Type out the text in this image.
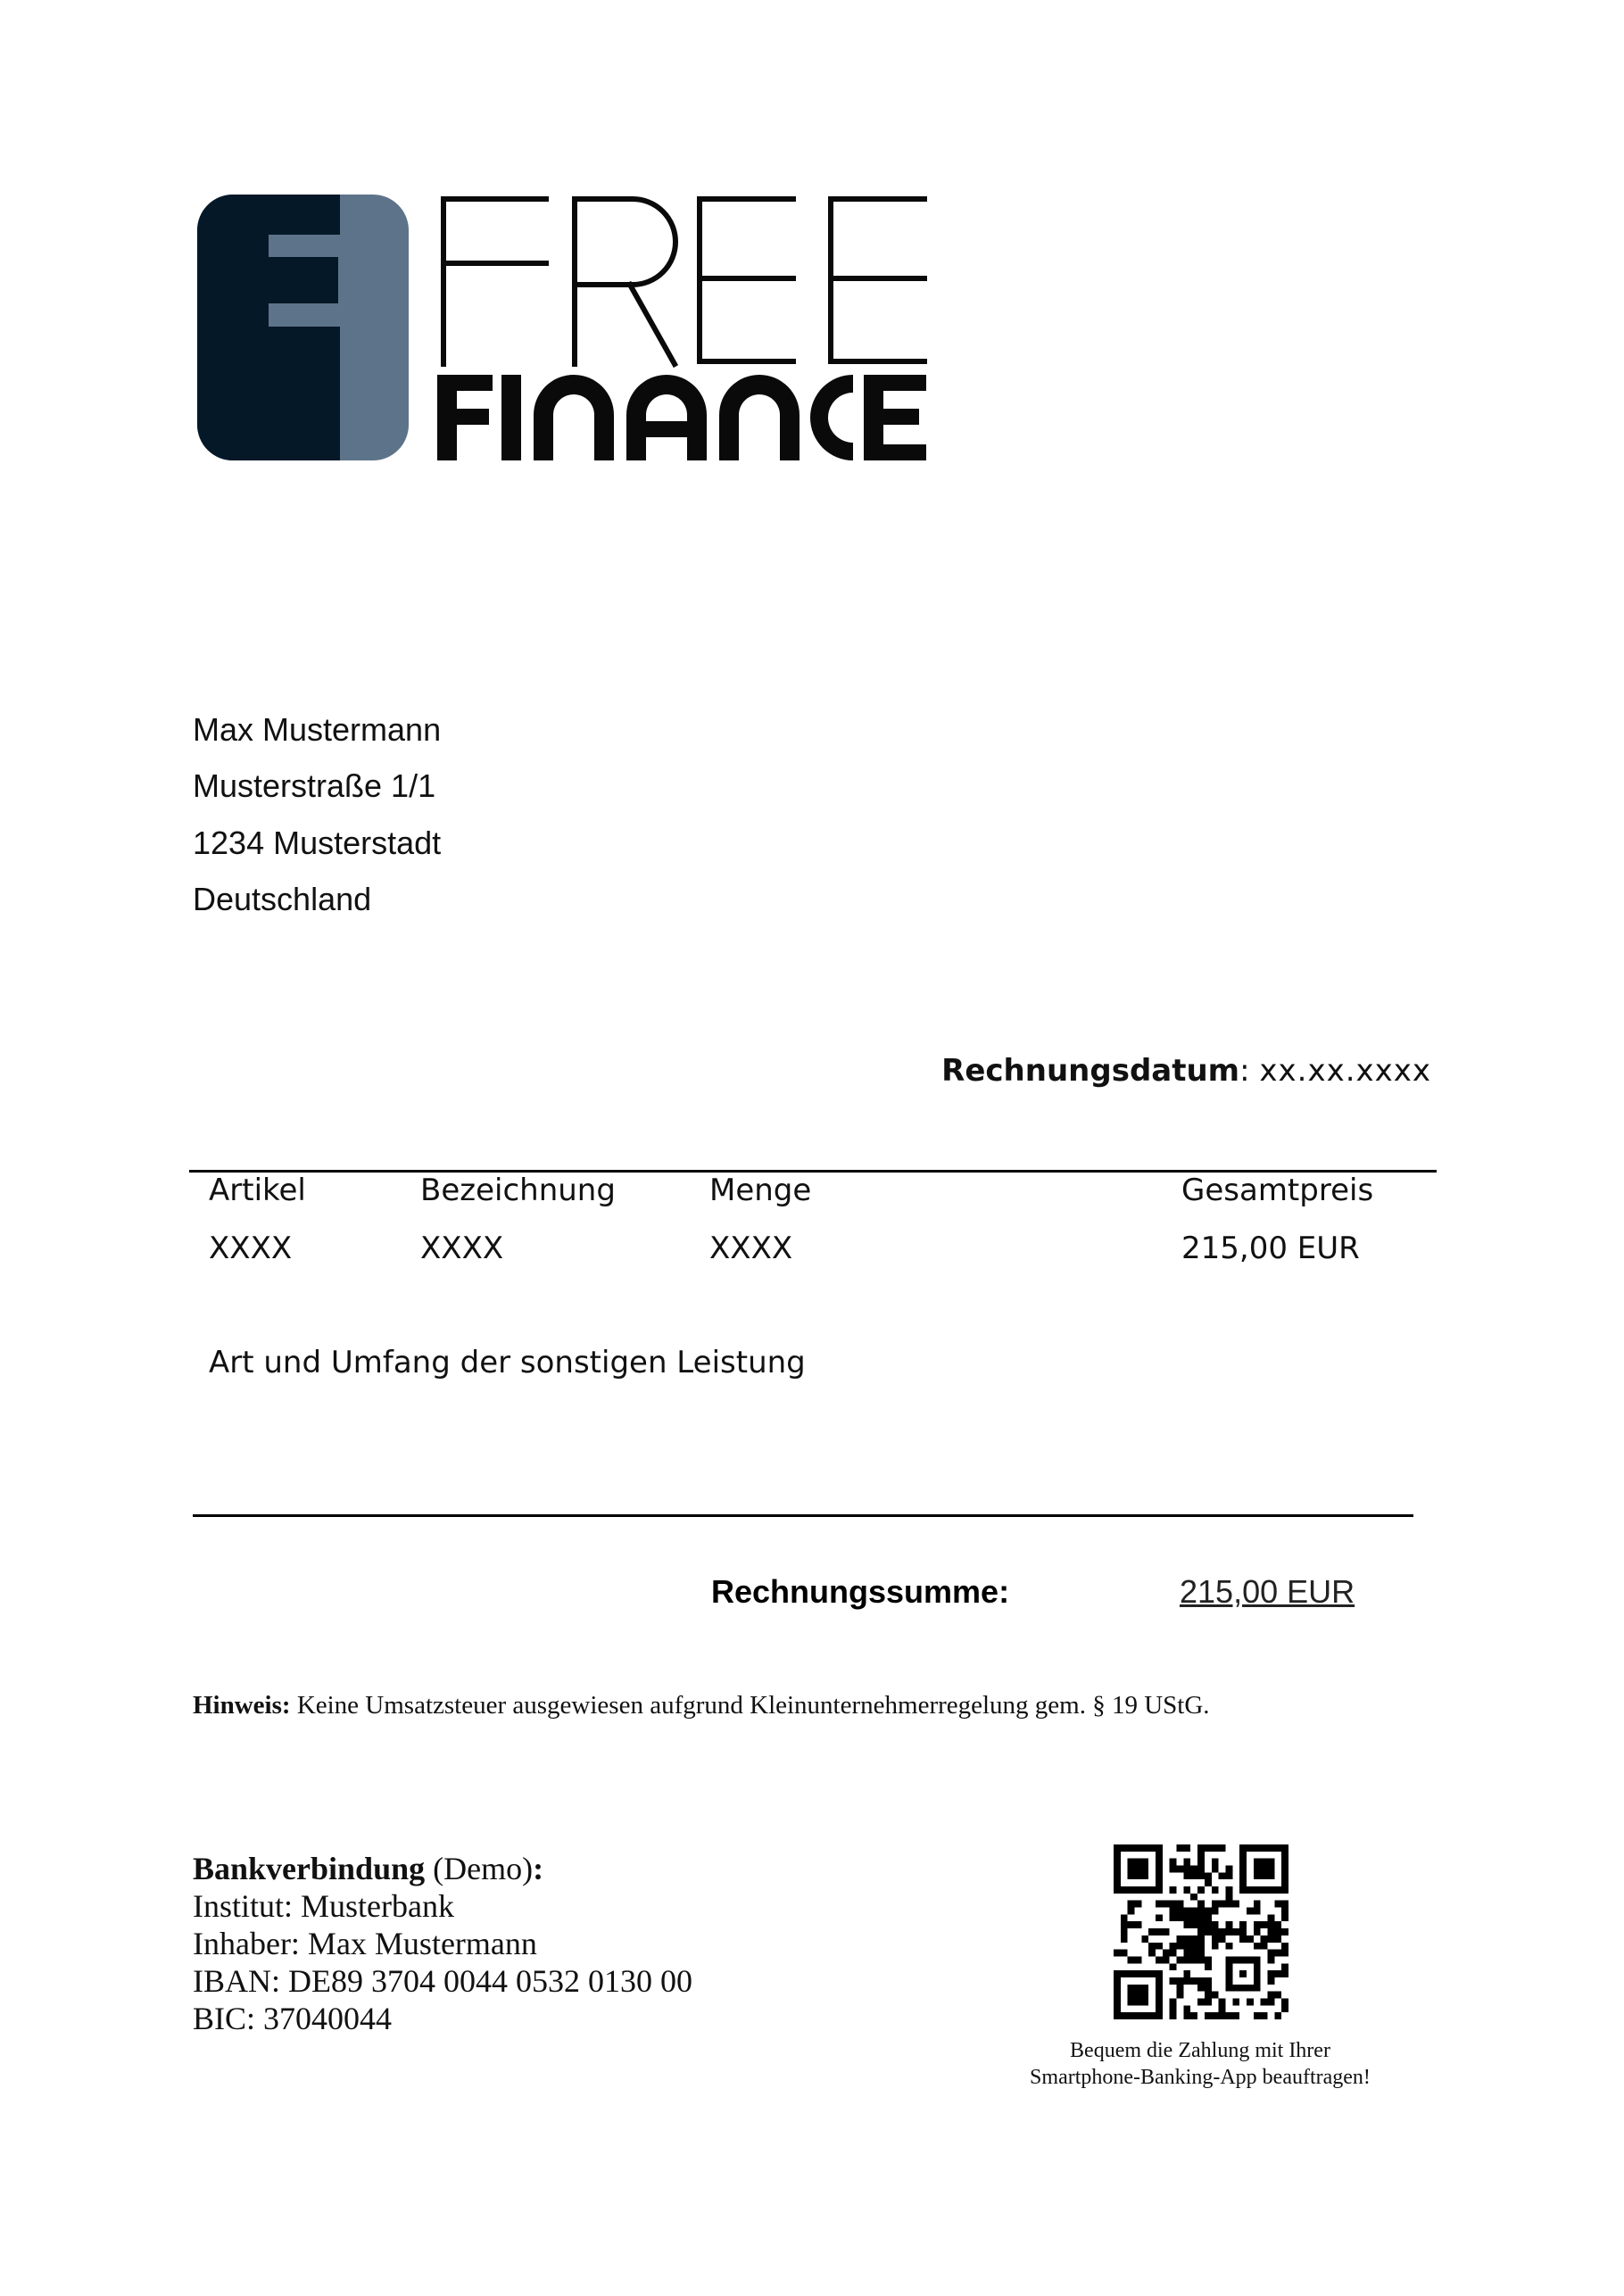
FREE
FINANCE
Max Mustermann
Musterstraße 1/1
1234 Musterstadt
Deutschland
Rechnungsdatum: xx.xx.xxxx
Artikel	Bezeichnung	Menge	Gesamtpreis
XXXX	XXXX	XXXX	215,00 EUR
Art und Umfang der sonstigen Leistung
Rechnungssumme:	215,00 EUR
Hinweis: Keine Umsatzsteuer ausgewiesen aufgrund Kleinunternehmerregelung gem. § 19 UStG.
Bankverbindung (Demo):
Institut: Musterbank
Inhaber: Max Mustermann
IBAN: DE89 3704 0044 0532 0130 00
BIC: 37040044
Bequem die Zahlung mit Ihrer
Smartphone-Banking-App beauftragen!
